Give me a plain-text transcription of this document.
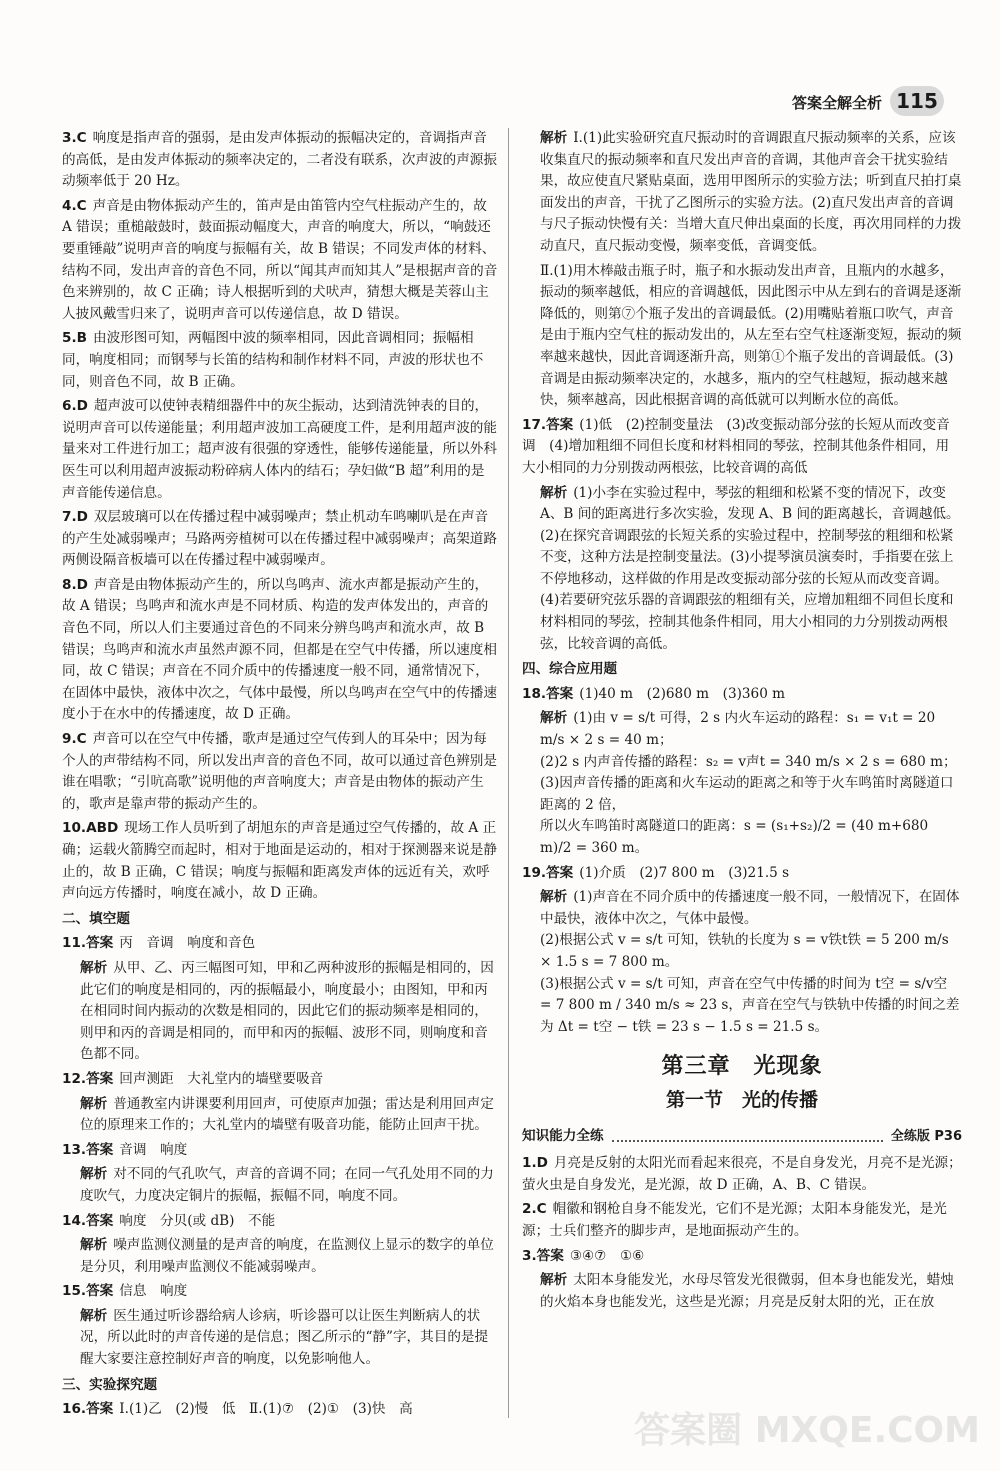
答案全解全析 115
3.C 响度是指声音的强弱，是由发声体振动的振幅决定的，音调指声音的高低，是由发声体振动的频率决定的，二者没有联系，次声波的声源振动频率低于 20 Hz。
4.C 声音是由物体振动产生的，笛声是由笛管内空气柱振动产生的，故 A 错误；重槌敲鼓时，鼓面振动幅度大，声音的响度大，所以，“响鼓还要重锤敲”说明声音的响度与振幅有关，故 B 错误；不同发声体的材料、结构不同，发出声音的音色不同，所以“闻其声而知其人”是根据声音的音色来辨别的，故 C 正确；诗人根据听到的犬吠声，猜想大概是芙蓉山主人披风戴雪归来了，说明声音可以传递信息，故 D 错误。
5.B 由波形图可知，两幅图中波的频率相同，因此音调相同；振幅相同，响度相同；而钢琴与长笛的结构和制作材料不同，声波的形状也不同，则音色不同，故 B 正确。
6.D 超声波可以使钟表精细器件中的灰尘振动，达到清洗钟表的目的，说明声音可以传递能量；利用超声波加工高硬度工件，是利用超声波的能量来对工件进行加工；超声波有很强的穿透性，能够传递能量，所以外科医生可以利用超声波振动粉碎病人体内的结石；孕妇做“B 超”利用的是声音能传递信息。
7.D 双层玻璃可以在传播过程中减弱噪声；禁止机动车鸣喇叭是在声音的产生处减弱噪声；马路两旁植树可以在传播过程中减弱噪声；高架道路两侧设隔音板墙可以在传播过程中减弱噪声。
8.D 声音是由物体振动产生的，所以鸟鸣声、流水声都是振动产生的，故 A 错误；鸟鸣声和流水声是不同材质、构造的发声体发出的，声音的音色不同，所以人们主要通过音色的不同来分辨鸟鸣声和流水声，故 B 错误；鸟鸣声和流水声虽然声源不同，但都是在空气中传播，所以速度相同，故 C 错误；声音在不同介质中的传播速度一般不同，通常情况下，在固体中最快，液体中次之，气体中最慢，所以鸟鸣声在空气中的传播速度小于在水中的传播速度，故 D 正确。
9.C 声音可以在空气中传播，歌声是通过空气传到人的耳朵中；因为每个人的声带结构不同，所以发出声音的音色不同，故可以通过音色辨别是谁在唱歌；“引吭高歌”说明他的声音响度大；声音是由物体的振动产生的，歌声是靠声带的振动产生的。
10.ABD 现场工作人员听到了胡旭东的声音是通过空气传播的，故 A 正确；运载火箭腾空而起时，相对于地面是运动的，相对于探测器来说是静止的，故 B 正确，C 错误；响度与振幅和距离发声体的远近有关，欢呼声向远方传播时，响度在减小，故 D 正确。
二、填空题
11.答案 丙　音调　响度和音色
解析 从甲、乙、丙三幅图可知，甲和乙两种波形的振幅是相同的，因此它们的响度是相同的，丙的振幅最小，响度最小；由图知，甲和丙在相同时间内振动的次数是相同的，因此它们的振动频率是相同的，则甲和丙的音调是相同的，而甲和丙的振幅、波形不同，则响度和音色都不同。
12.答案 回声测距　大礼堂内的墙壁要吸音
解析 普通教室内讲课要利用回声，可使原声加强；雷达是利用回声定位的原理来工作的；大礼堂内的墙壁有吸音功能，能防止回声干扰。
13.答案 音调　响度
解析 对不同的气孔吹气，声音的音调不同；在同一气孔处用不同的力度吹气，力度决定铜片的振幅，振幅不同，响度不同。
14.答案 响度　分贝(或 dB)　不能
解析 噪声监测仪测量的是声音的响度，在监测仪上显示的数字的单位是分贝，利用噪声监测仪不能减弱噪声。
15.答案 信息　响度
解析 医生通过听诊器给病人诊病，听诊器可以让医生判断病人的状况，所以此时的声音传递的是信息；图乙所示的“静”字，其目的是提醒大家要注意控制好声音的响度，以免影响他人。
三、实验探究题
16.答案 Ⅰ.(1)乙　(2)慢　低　Ⅱ.(1)⑦　(2)①　(3)快　高
解析 Ⅰ.(1)此实验研究直尺振动时的音调跟直尺振动频率的关系，应该收集直尺的振动频率和直尺发出声音的音调，其他声音会干扰实验结果，故应使直尺紧贴桌面，选用甲图所示的实验方法；听到直尺拍打桌面发出的声音，干扰了乙图所示的实验方法。(2)直尺发出声音的音调与尺子振动快慢有关：当增大直尺伸出桌面的长度，再次用同样的力拨动直尺，直尺振动变慢，频率变低，音调变低。
Ⅱ.(1)用木棒敲击瓶子时，瓶子和水振动发出声音，且瓶内的水越多，振动的频率越低，相应的音调越低，因此图示中从左到右的音调是逐渐降低的，则第⑦个瓶子发出的音调最低。(2)用嘴贴着瓶口吹气，声音是由于瓶内空气柱的振动发出的，从左至右空气柱逐渐变短，振动的频率越来越快，因此音调逐渐升高，则第①个瓶子发出的音调最低。(3)音调是由振动频率决定的，水越多，瓶内的空气柱越短，振动越来越快，频率越高，因此根据音调的高低就可以判断水位的高低。
17.答案 (1)低　(2)控制变量法　(3)改变振动部分弦的长短从而改变音调　(4)增加粗细不同但长度和材料相同的琴弦，控制其他条件相同，用大小相同的力分别拨动两根弦，比较音调的高低
解析 (1)小李在实验过程中，琴弦的粗细和松紧不变的情况下，改变 A、B 间的距离进行多次实验，发现 A、B 间的距离越长，音调越低。(2)在探究音调跟弦的长短关系的实验过程中，控制琴弦的粗细和松紧不变，这种方法是控制变量法。(3)小提琴演员演奏时，手指要在弦上不停地移动，这样做的作用是改变振动部分弦的长短从而改变音调。(4)若要研究弦乐器的音调跟弦的粗细有关，应增加粗细不同但长度和材料相同的琴弦，控制其他条件相同，用大小相同的力分别拨动两根弦，比较音调的高低。
四、综合应用题
18.答案 (1)40 m　(2)680 m　(3)360 m
解析 (1)由 v = s/t 可得，2 s 内火车运动的路程：s₁ = v₁t = 20 m/s × 2 s = 40 m；
(2)2 s 内声音传播的路程：s₂ = v声t = 340 m/s × 2 s = 680 m；
(3)因声音传播的距离和火车运动的距离之和等于火车鸣笛时离隧道口距离的 2 倍，
所以火车鸣笛时离隧道口的距离：s = (s₁+s₂)/2 = (40 m+680 m)/2 = 360 m。
19.答案 (1)介质　(2)7 800 m　(3)21.5 s
解析 (1)声音在不同介质中的传播速度一般不同，一般情况下，在固体中最快，液体中次之，气体中最慢。
(2)根据公式 v = s/t 可知，铁轨的长度为 s = v铁t铁 = 5 200 m/s × 1.5 s = 7 800 m。
(3)根据公式 v = s/t 可知，声音在空气中传播的时间为 t空 = s/v空 = 7 800 m / 340 m/s ≈ 23 s，声音在空气与铁轨中传播的时间之差为 Δt = t空 − t铁 = 23 s − 1.5 s = 21.5 s。
第三章　光现象
第一节　光的传播
知识能力全练	全练版 P36
1.D 月亮是反射的太阳光而看起来很亮，不是自身发光，月亮不是光源；萤火虫是自身发光，是光源，故 D 正确，A、B、C 错误。
2.C 帽徽和钢枪自身不能发光，它们不是光源；太阳本身能发光，是光源；士兵们整齐的脚步声，是地面振动产生的。
3.答案 ③④⑦　①⑥
解析 太阳本身能发光，水母尽管发光很微弱，但本身也能发光，蜡烛的火焰本身也能发光，这些是光源；月亮是反射太阳的光，正在放
答案圈 MXQE.COM
